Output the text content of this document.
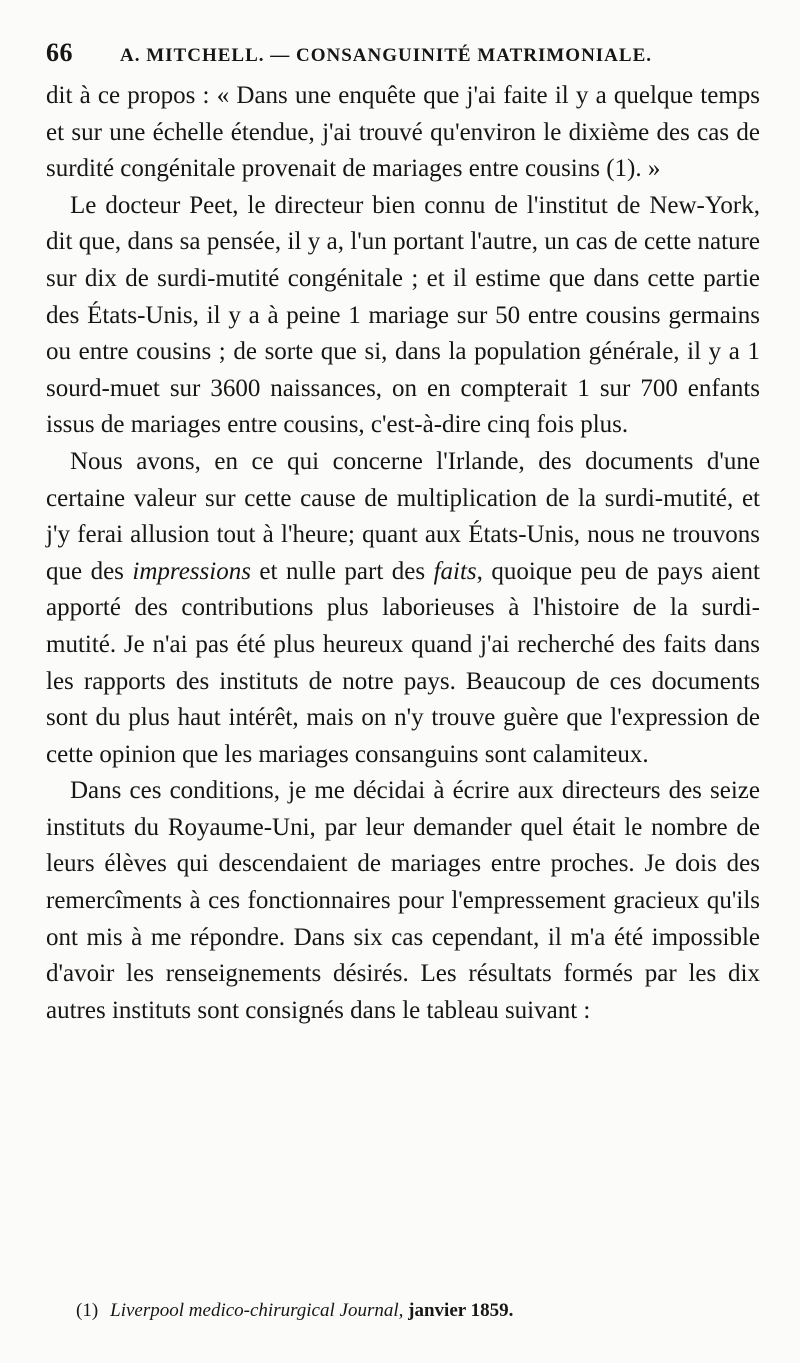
66	A. MITCHELL. — CONSANGUINITÉ MATRIMONIALE.

dit à ce propos : « Dans une enquête que j'ai faite il y a quelque temps et sur une échelle étendue, j'ai trouvé qu'environ le dixième des cas de surdité congénitale provenait de mariages entre cousins (1). »

Le docteur Peet, le directeur bien connu de l'institut de New-York, dit que, dans sa pensée, il y a, l'un portant l'autre, un cas de cette nature sur dix de surdi-mutité congénitale ; et il estime que dans cette partie des États-Unis, il y a à peine 1 mariage sur 50 entre cousins germains ou entre cousins ; de sorte que si, dans la population générale, il y a 1 sourd-muet sur 3600 naissances, on en compterait 1 sur 700 enfants issus de mariages entre cousins, c'est-à-dire cinq fois plus.

Nous avons, en ce qui concerne l'Irlande, des documents d'une certaine valeur sur cette cause de multiplication de la surdi-mutité, et j'y ferai allusion tout à l'heure; quant aux États-Unis, nous ne trouvons que des impressions et nulle part des faits, quoique peu de pays aient apporté des contributions plus laborieuses à l'histoire de la surdi-mutité. Je n'ai pas été plus heureux quand j'ai recherché des faits dans les rapports des instituts de notre pays. Beaucoup de ces documents sont du plus haut intérêt, mais on n'y trouve guère que l'expression de cette opinion que les mariages consanguins sont calamiteux.

Dans ces conditions, je me décidai à écrire aux directeurs des seize instituts du Royaume-Uni, par leur demander quel était le nombre de leurs élèves qui descendaient de mariages entre proches. Je dois des remercîments à ces fonctionnaires pour l'empressement gracieux qu'ils ont mis à me répondre. Dans six cas cependant, il m'a été impossible d'avoir les renseignements désirés. Les résultats formés par les dix autres instituts sont consignés dans le tableau suivant :

(1) Liverpool medico-chirurgical Journal, janvier 1859.
